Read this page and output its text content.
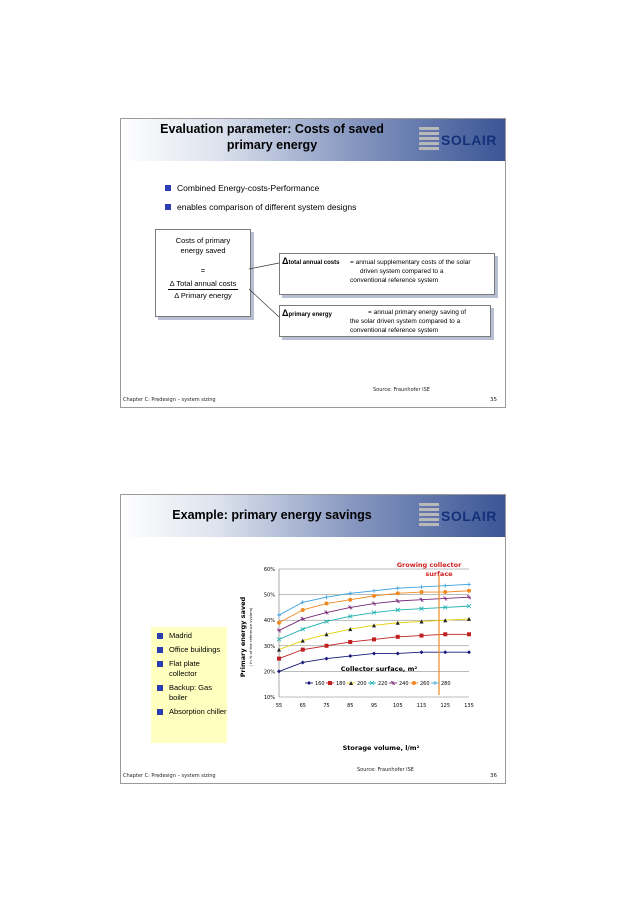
Evaluation parameter: Costs of saved
primary energy	SOLAIR
Combined Energy-costs-Performance
enables comparison of different system designs
Costs of primary
energy saved
=
Δ Total annual costs
Δ Primary energy
Δtotal annual costs = annual supplementary costs of the solar
driven system compared to a
conventional reference system
Δprimary energy	= annual primary energy saving of
the solar driven system compared to a
conventional reference system
Source: Fraunhofer ISE
Chapter C: Predesign – system sizing	35
Example: primary energy savings	SOLAIR
Madrid
Office buildings
Flat plate collector
Backup: Gas boiler
Absorption chiller
10%
20%
30%
40%
50%
60%
55	65	75	85	95	105	115	125	135
Primary energy saved ( in % of the reference system)
Storage volume, l/m²
Growing collector
surface
Collector surface, m²
160 180 200 220 240 260 280
Source: Fraunhofer ISE
Chapter C: Predesign – system sizing	36
